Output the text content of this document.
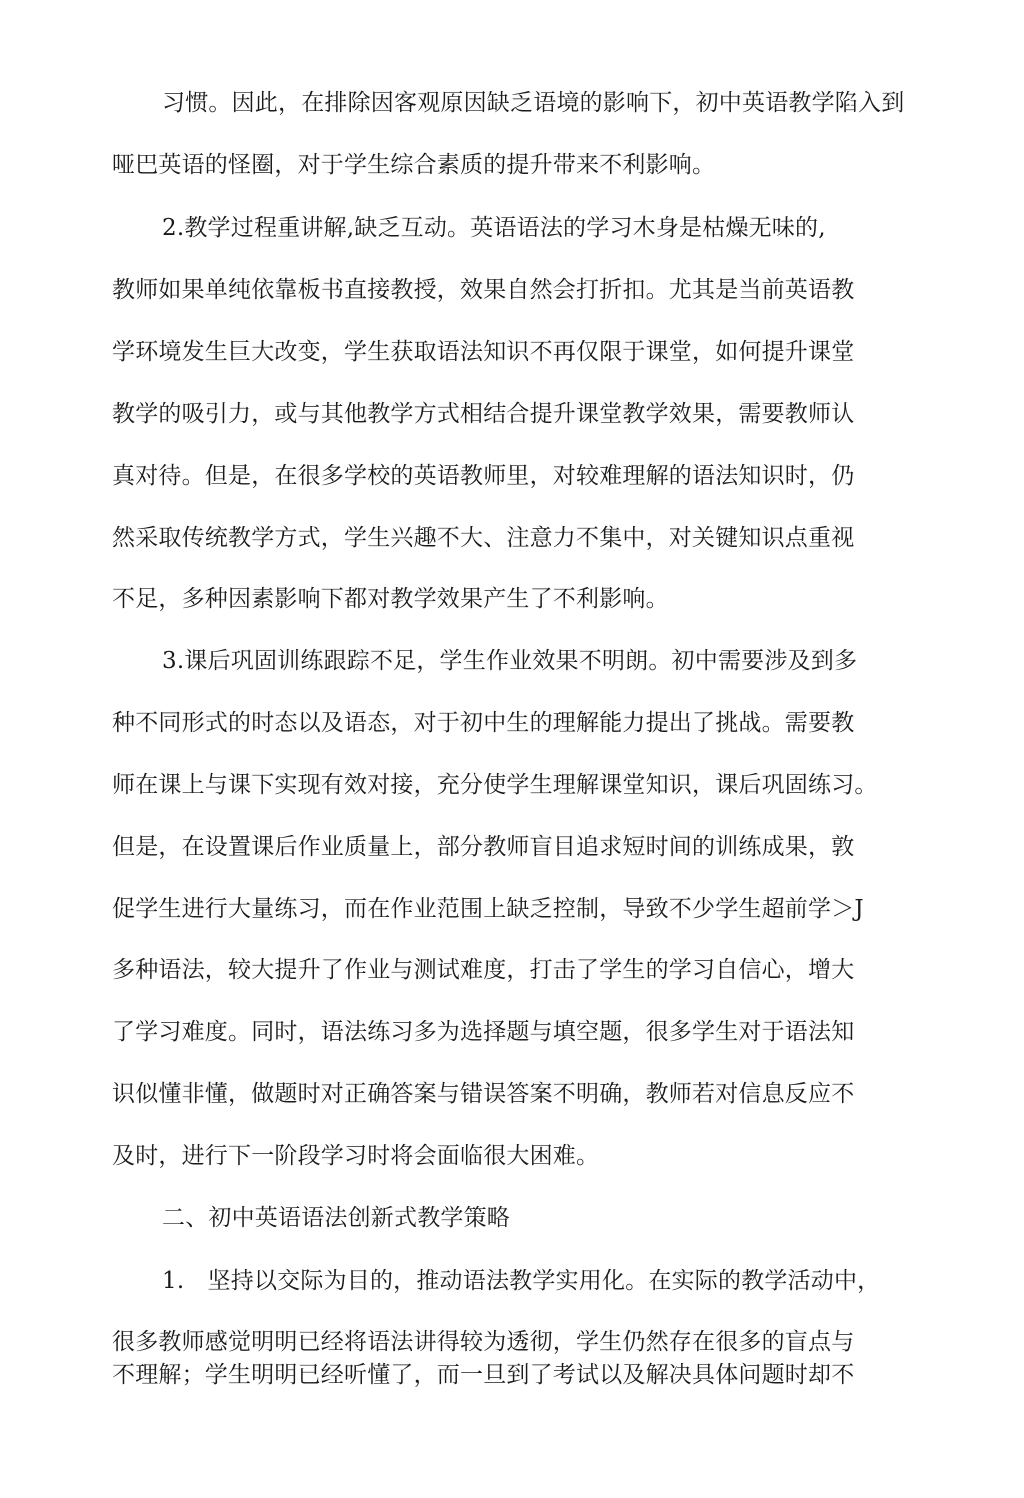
习惯。因此，在排除因客观原因缺乏语境的影响下，初中英语教学陷入到
哑巴英语的怪圈，对于学生综合素质的提升带来不利影响。
2.教学过程重讲解,缺乏互动。英语语法的学习木身是枯燥无味的,
教师如果单纯依靠板书直接教授，效果自然会打折扣。尤其是当前英语教
学环境发生巨大改变，学生获取语法知识不再仅限于课堂，如何提升课堂
教学的吸引力，或与其他教学方式相结合提升课堂教学效果，需要教师认
真对待。但是，在很多学校的英语教师里，对较难理解的语法知识时，仍
然采取传统教学方式，学生兴趣不大、注意力不集中，对关键知识点重视
不足，多种因素影响下都对教学效果产生了不利影响。
3.课后巩固训练跟踪不足，学生作业效果不明朗。初中需要涉及到多
种不同形式的时态以及语态，对于初中生的理解能力提出了挑战。需要教
师在课上与课下实现有效对接，充分使学生理解课堂知识，课后巩固练习。
但是，在设置课后作业质量上，部分教师盲目追求短时间的训练成果，敦
促学生进行大量练习，而在作业范围上缺乏控制，导致不少学生超前学＞J
多种语法，较大提升了作业与测试难度，打击了学生的学习自信心，增大
了学习难度。同时，语法练习多为选择题与填空题，很多学生对于语法知
识似懂非懂，做题时对正确答案与错误答案不明确，教师若对信息反应不
及时，进行下一阶段学习时将会面临很大困难。
二、初中英语语法创新式教学策略
1.　坚持以交际为目的，推动语法教学实用化。在实际的教学活动中，
很多教师感觉明明已经将语法讲得较为透彻，学生仍然存在很多的盲点与
不理解；学生明明已经听懂了，而一旦到了考试以及解决具体问题时却不
